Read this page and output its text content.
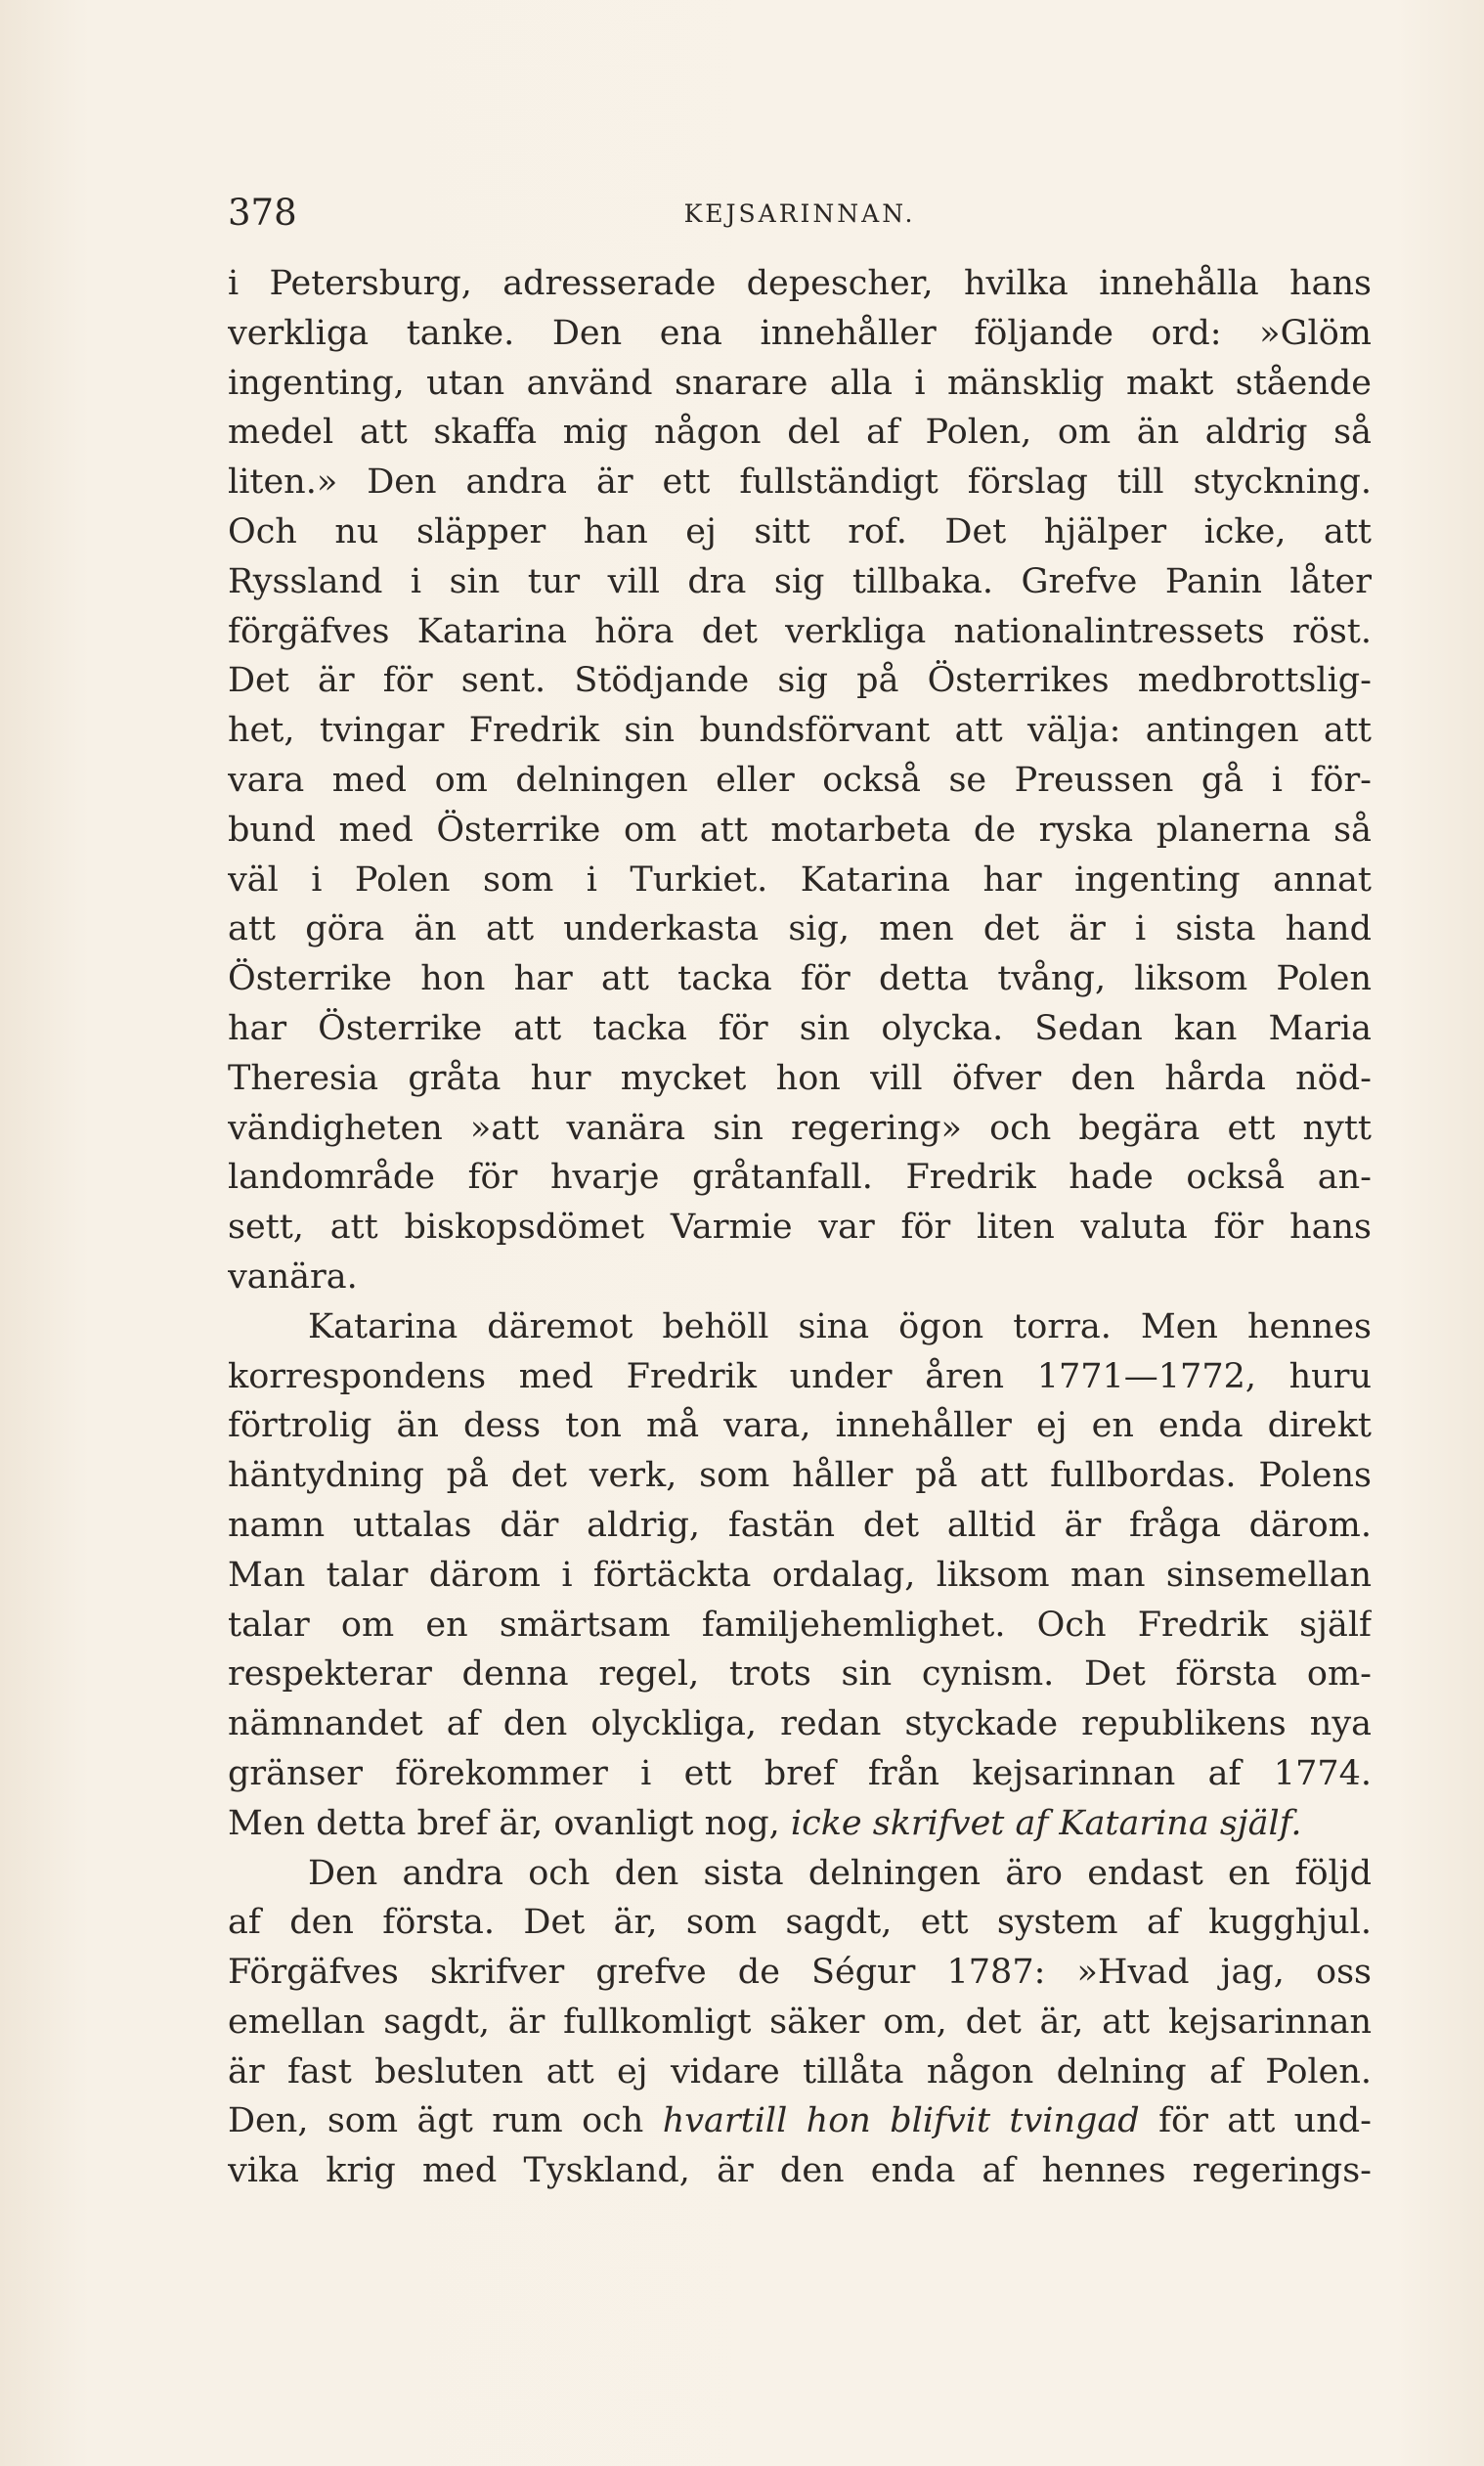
378	KEJSARINNAN.
i Petersburg, adresserade depescher, hvilka innehålla hans
verkliga tanke. Den ena innehåller följande ord: »Glöm
ingenting, utan använd snarare alla i mänsklig makt stående
medel att skaffa mig någon del af Polen, om än aldrig så
liten.» Den andra är ett fullständigt förslag till styckning.
Och nu släpper han ej sitt rof. Det hjälper icke, att
Ryssland i sin tur vill dra sig tillbaka. Grefve Panin låter
förgäfves Katarina höra det verkliga nationalintressets röst.
Det är för sent. Stödjande sig på Österrikes medbrottslig-
het, tvingar Fredrik sin bundsförvant att välja: antingen att
vara med om delningen eller också se Preussen gå i för-
bund med Österrike om att motarbeta de ryska planerna så
väl i Polen som i Turkiet. Katarina har ingenting annat
att göra än att underkasta sig, men det är i sista hand
Österrike hon har att tacka för detta tvång, liksom Polen
har Österrike att tacka för sin olycka. Sedan kan Maria
Theresia gråta hur mycket hon vill öfver den hårda nöd-
vändigheten »att vanära sin regering» och begära ett nytt
landområde för hvarje gråtanfall. Fredrik hade också an-
sett, att biskopsdömet Varmie var för liten valuta för hans
vanära.
Katarina däremot behöll sina ögon torra. Men hennes
korrespondens med Fredrik under åren 1771—1772, huru
förtrolig än dess ton må vara, innehåller ej en enda direkt
häntydning på det verk, som håller på att fullbordas. Polens
namn uttalas där aldrig, fastän det alltid är fråga därom.
Man talar därom i förtäckta ordalag, liksom man sinsemellan
talar om en smärtsam familjehemlighet. Och Fredrik själf
respekterar denna regel, trots sin cynism. Det första om-
nämnandet af den olyckliga, redan styckade republikens nya
gränser förekommer i ett bref från kejsarinnan af 1774.
Men detta bref är, ovanligt nog, icke skrifvet af Katarina själf.
Den andra och den sista delningen äro endast en följd
af den första. Det är, som sagdt, ett system af kugghjul.
Förgäfves skrifver grefve de Ségur 1787: »Hvad jag, oss
emellan sagdt, är fullkomligt säker om, det är, att kejsarinnan
är fast besluten att ej vidare tillåta någon delning af Polen.
Den, som ägt rum och hvartill hon blifvit tvingad för att und-
vika krig med Tyskland, är den enda af hennes regerings-
